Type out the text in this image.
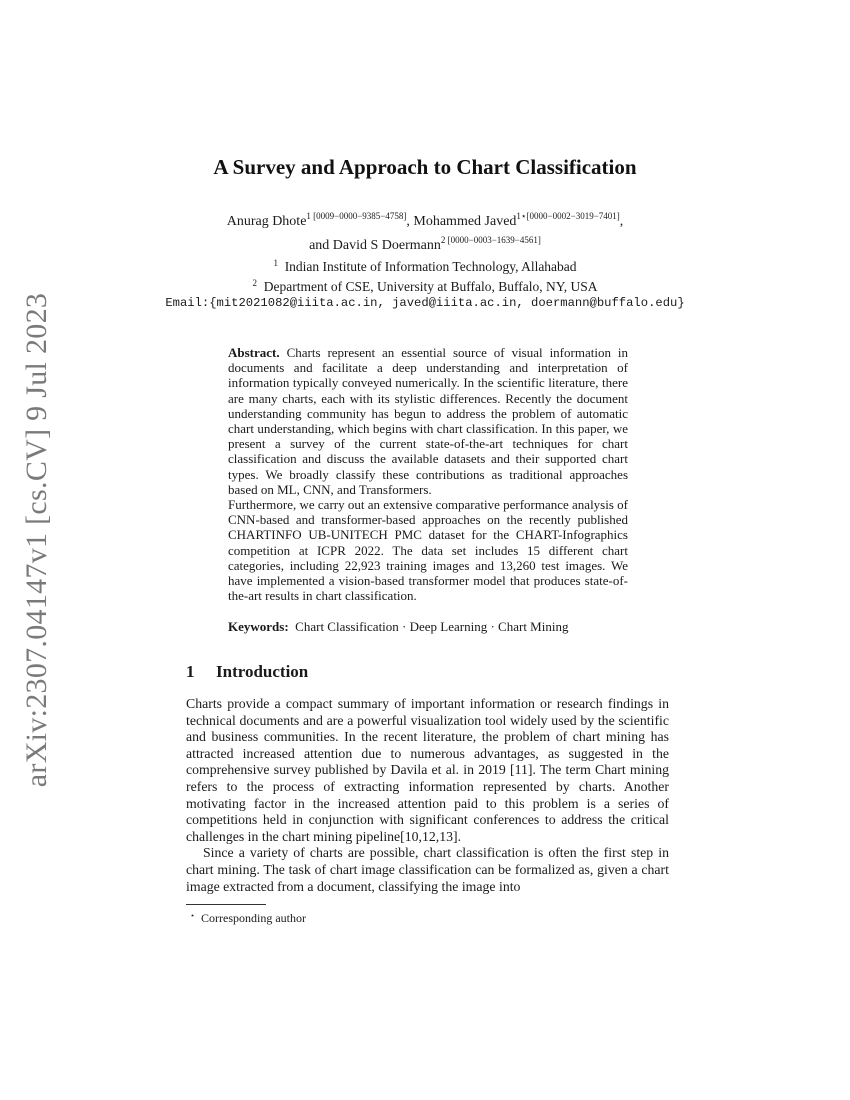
arXiv:2307.04147v1 [cs.CV] 9 Jul 2023
A Survey and Approach to Chart Classification
Anurag Dhote$^{1 [0009-0000-9385-4758]}$, Mohammed Javed$^{1⋆[0000-0002-3019-7401]}$,
and David S Doermann$^{2 [0000-0003-1639-4561]}$
$^1$ Indian Institute of Information Technology, Allahabad
$^2$ Department of CSE, University at Buffalo, Buffalo, NY, USA
Email:{mit2021082@iiita.ac.in, javed@iiita.ac.in, doermann@buffalo.edu}

Abstract. Charts represent an essential source of visual information in documents and facilitate a deep understanding and interpretation of information typically conveyed numerically. In the scientific literature, there are many charts, each with its stylistic differences. Recently the document understanding community has begun to address the problem of automatic chart understanding, which begins with chart classification. In this paper, we present a survey of the current state-of-the-art techniques for chart classification and discuss the available datasets and their supported chart types. We broadly classify these contributions as traditional approaches based on ML, CNN, and Transformers.

Furthermore, we carry out an extensive comparative performance analysis of CNN-based and transformer-based approaches on the recently published CHARTINFO UB-UNITECH PMC dataset for the CHART-Infographics competition at ICPR 2022. The data set includes 15 different chart categories, including 22,923 training images and 13,260 test images. We have implemented a vision-based transformer model that produces state-of-the-art results in chart classification.

Keywords: Chart Classification · Deep Learning · Chart Mining
1 Introduction

Charts provide a compact summary of important information or research findings in technical documents and are a powerful visualization tool widely used by the scientific and business communities. In the recent literature, the problem of chart mining has attracted increased attention due to numerous advantages, as suggested in the comprehensive survey published by Davila et al. in 2019 [11]. The term Chart mining refers to the process of extracting information represented by charts. Another motivating factor in the increased attention paid to this problem is a series of competitions held in conjunction with significant conferences to address the critical challenges in the chart mining pipeline[10,12,13].

Since a variety of charts are possible, chart classification is often the first step in chart mining. The task of chart image classification can be formalized as, given a chart image extracted from a document, classifying the image into

⋆ Corresponding author
